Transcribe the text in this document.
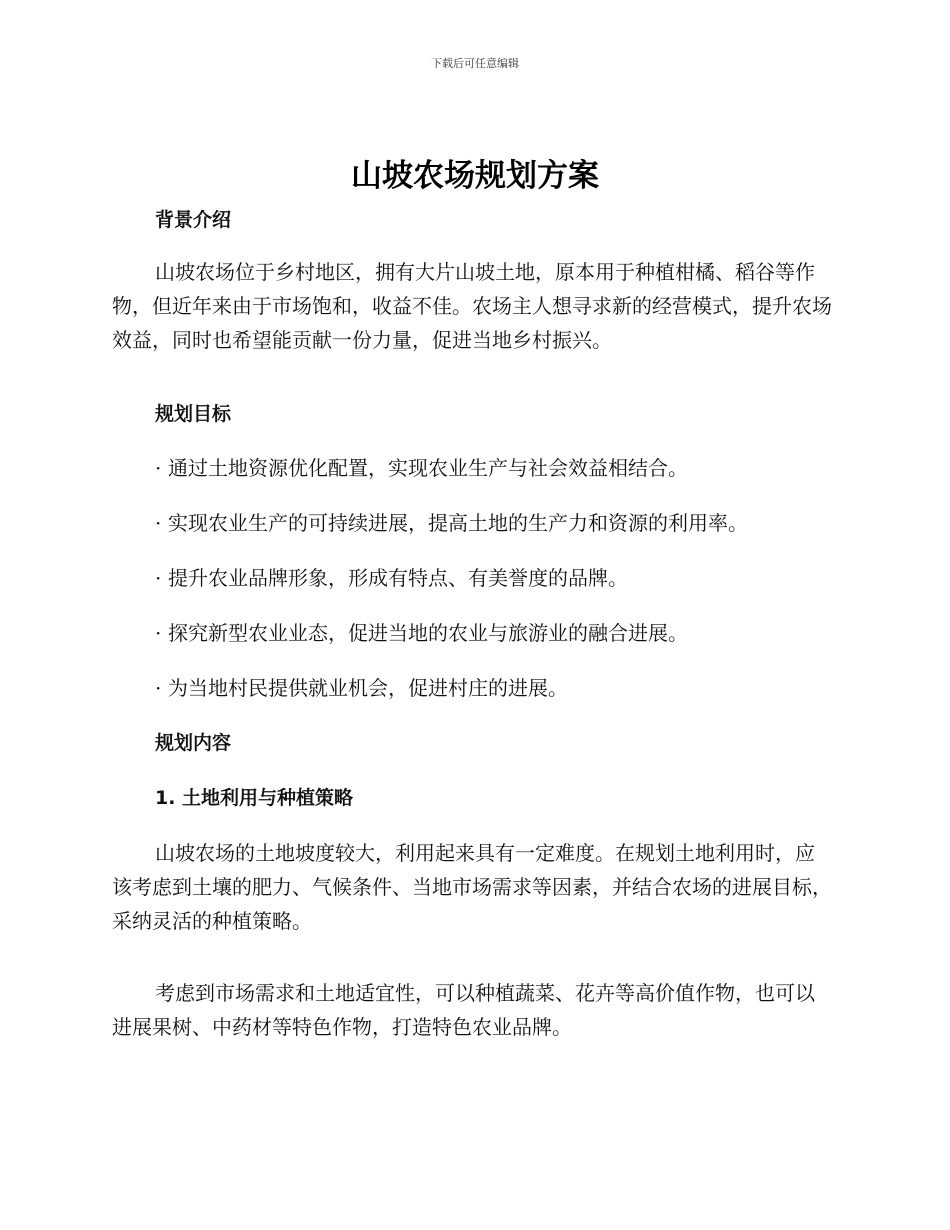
下载后可任意编辑
山坡农场规划方案
背景介绍

山坡农场位于乡村地区，拥有大片山坡土地，原本用于种植柑橘、稻谷等作物，但近年来由于市场饱和，收益不佳。农场主人想寻求新的经营模式，提升农场效益，同时也希望能贡献一份力量，促进当地乡村振兴。

规划目标

· 通过土地资源优化配置，实现农业生产与社会效益相结合。

· 实现农业生产的可持续进展，提高土地的生产力和资源的利用率。

· 提升农业品牌形象，形成有特点、有美誉度的品牌。

· 探究新型农业业态，促进当地的农业与旅游业的融合进展。

· 为当地村民提供就业机会，促进村庄的进展。

规划内容
1. 土地利用与种植策略

山坡农场的土地坡度较大，利用起来具有一定难度。在规划土地利用时，应该考虑到土壤的肥力、气候条件、当地市场需求等因素，并结合农场的进展目标，采纳灵活的种植策略。

考虑到市场需求和土地适宜性，可以种植蔬菜、花卉等高价值作物，也可以进展果树、中药材等特色作物，打造特色农业品牌。
